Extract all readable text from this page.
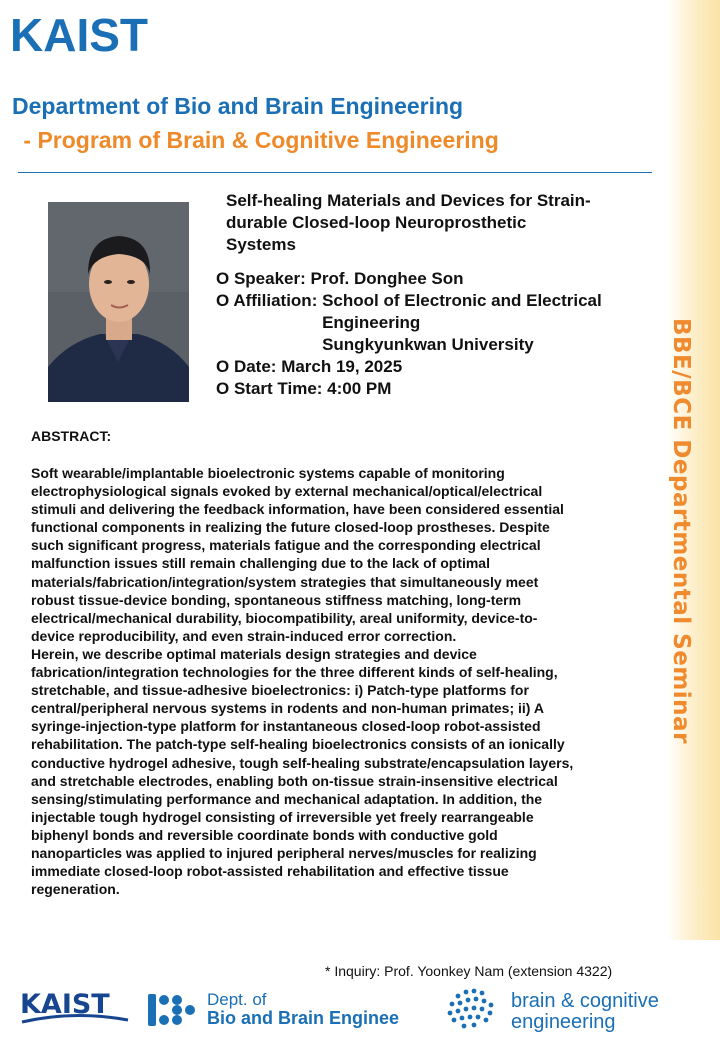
BBE/BCE Departmental Seminar
KAIST
Department of Bio and Brain Engineering
- Program of Brain & Cognitive Engineering
Self-healing Materials and Devices for Strain-
durable Closed-loop Neuroprosthetic
Systems
O Speaker: Prof. Donghee Son
O Affiliation: School of Electronic and Electrical
Engineering
Sungkyunkwan University
O Date: March 19, 2025
O Start Time: 4:00 PM
ABSTRACT:

Soft wearable/implantable bioelectronic systems capable of monitoring

electrophysiological signals evoked by external mechanical/optical/electrical

stimuli and delivering the feedback information, have been considered essential

functional components in realizing the future closed-loop prostheses. Despite

such significant progress, materials fatigue and the corresponding electrical

malfunction issues still remain challenging due to the lack of optimal

materials/fabrication/integration/system strategies that simultaneously meet

robust tissue-device bonding, spontaneous stiffness matching, long-term

electrical/mechanical durability, biocompatibility, areal uniformity, device-to-

device reproducibility, and even strain-induced error correction.

Herein, we describe optimal materials design strategies and device

fabrication/integration technologies for the three different kinds of self-healing,

stretchable, and tissue-adhesive bioelectronics: i) Patch-type platforms for

central/peripheral nervous systems in rodents and non-human primates; ii) A

syringe-injection-type platform for instantaneous closed-loop robot-assisted

rehabilitation. The patch-type self-healing bioelectronics consists of an ionically

conductive hydrogel adhesive, tough self-healing substrate/encapsulation layers,

and stretchable electrodes, enabling both on-tissue strain-insensitive electrical

sensing/stimulating performance and mechanical adaptation. In addition, the

injectable tough hydrogel consisting of irreversible yet freely rearrangeable

biphenyl bonds and reversible coordinate bonds with conductive gold

nanoparticles was applied to injured peripheral nerves/muscles for realizing

immediate closed-loop robot-assisted rehabilitation and effective tissue

regeneration.

* Inquiry: Prof. Yoonkey Nam (extension 4322)
KAIST	Dept. of
Bio and Brain Enginee
brain & cognitive
engineering
